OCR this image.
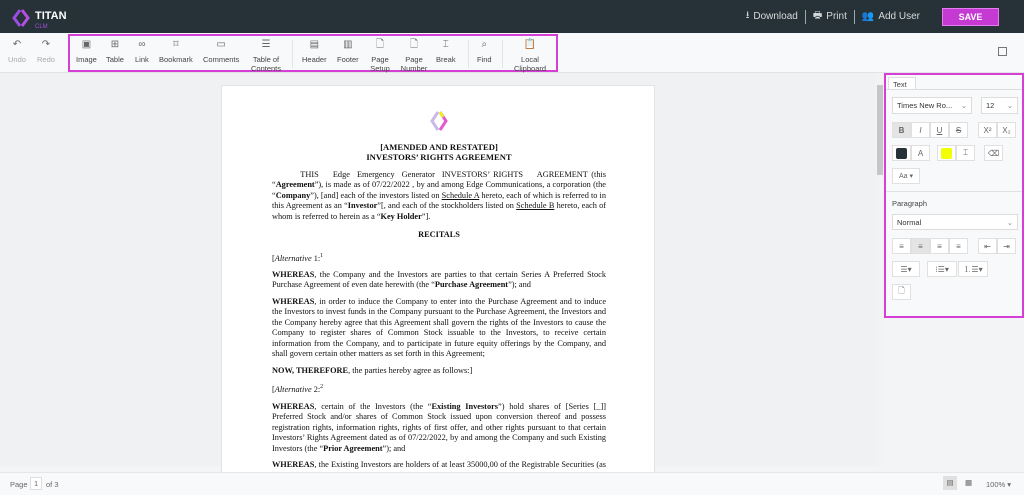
TITAN
CLM
⭳ Download 🖶 Print 👥 Add User	SAVE
↶
Undo
↷
Redo
▣
Image
⊞
Table
∞
Link
⌑
Bookmark
▭
Comments
☰
Table of Contents
▤
Header
▥
Footer
🗋
Page Setup
🗋
Page Number
⌶
Break
⌕
Find
📋
Local Clipboard
[AMENDED AND RESTATED]
INVESTORS’ RIGHTS AGREEMENT

THIS    Edge  Emergency  Generator  INVESTORS’ RIGHTS    AGREEMENT (this “Agreement”), is made as of 07/22/2022 , by and among Edge Communications, a corporation (the “Company”), [and] each of the investors listed on Schedule A hereto, each of which is referred to in this Agreement as an “Investor”[, and each of the stockholders listed on Schedule B hereto, each of whom is referred to herein as a “Key Holder”].

RECITALS

[Alternative 1:$^1$

WHEREAS, the Company and the Investors are parties to that certain Series A Preferred Stock Purchase Agreement of even date herewith (the “Purchase Agreement”); and

WHEREAS, in order to induce the Company to enter into the Purchase Agreement and to induce the Investors to invest funds in the Company pursuant to the Purchase Agreement, the Investors and the Company hereby agree that this Agreement shall govern the rights of the Investors to cause the Company to register shares of Common Stock issuable to the Investors, to receive certain information from the Company, and to participate in future equity offerings by the Company, and shall govern certain other matters as set forth in this Agreement;

NOW, THEREFORE, the parties hereby agree as follows:]

[Alternative 2:$^2$

WHEREAS, certain of the Investors (the “Existing Investors”) hold shares of [Series [_]] Preferred Stock and/or shares of Common Stock issued upon conversion thereof and possess registration rights, information rights, rights of first offer, and other rights pursuant to that certain Investors’ Rights Agreement dated as of 07/22/2022, by and among the Company and such Existing Investors (the “Prior Agreement”); and

WHEREAS, the Existing Investors are holders of at least 35000,00 of the Registrable Securities (as

Text
Times New Ro... ⌄	12 ⌄
B	I	U	S	X²	X₂
A	⌶	⌫
Aa ▾
Paragraph
Normal	⌄
≡	≡	≡	≡	⇤	⇥
☰▾	⁝☰▾	⒈☰▾
🗋
Page 1	of 3	▤	▦ 100% ▾
